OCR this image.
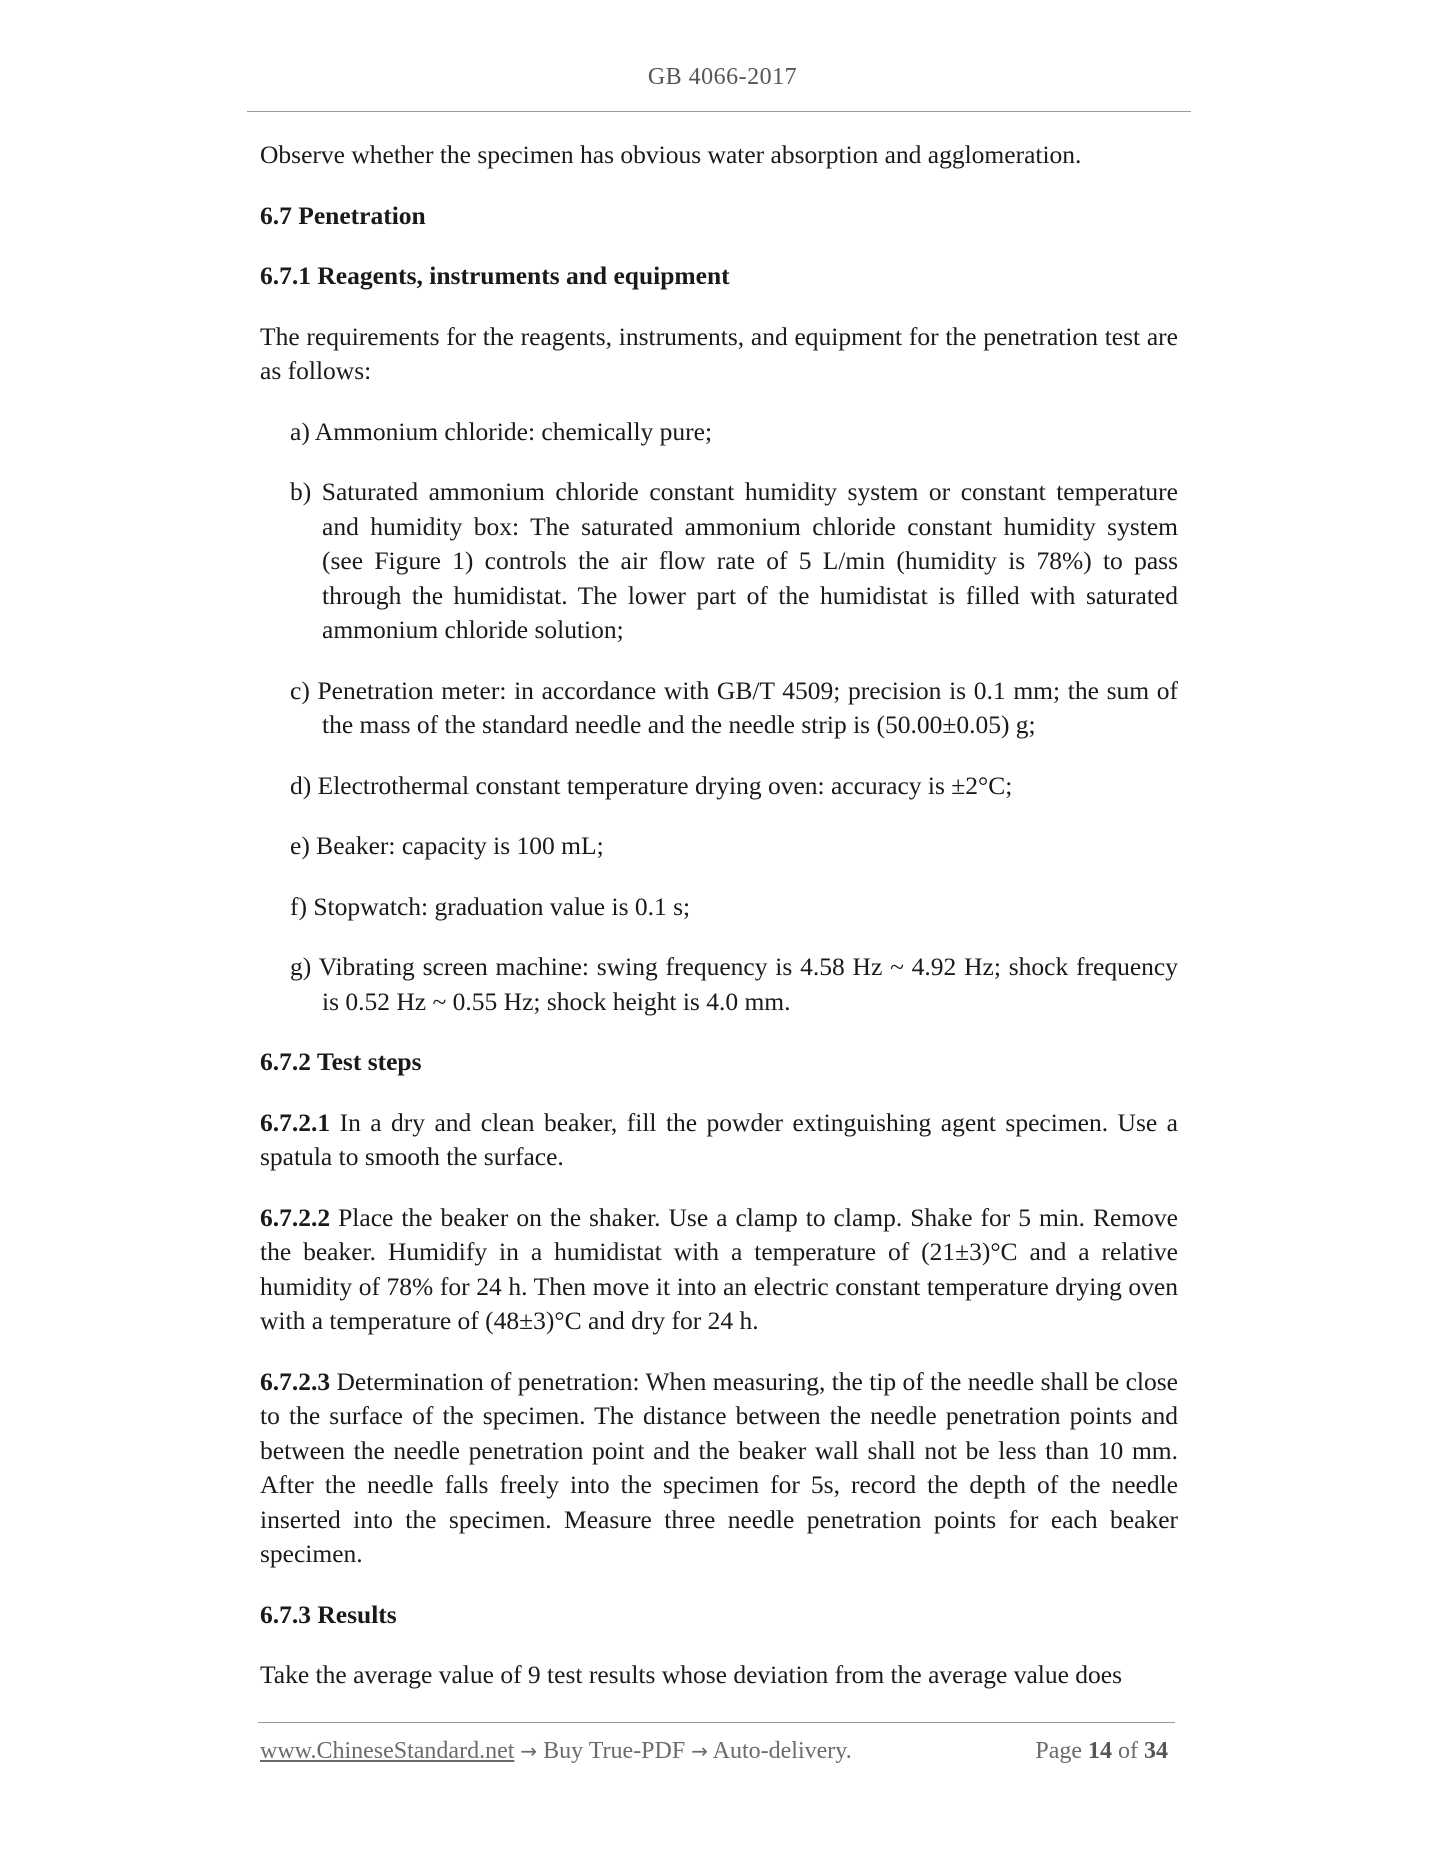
GB 4066-2017

Observe whether the specimen has obvious water absorption and agglomeration.

6.7 Penetration
6.7.1 Reagents, instruments and equipment

The requirements for the reagents, instruments, and equipment for the penetration test are as follows:

a) Ammonium chloride: chemically pure;
b) Saturated ammonium chloride constant humidity system or constant temperature and humidity box: The saturated ammonium chloride constant humidity system (see Figure 1) controls the air flow rate of 5 L/min (humidity is 78%) to pass through the humidistat. The lower part of the humidistat is filled with saturated ammonium chloride solution;
c) Penetration meter: in accordance with GB/T 4509; precision is 0.1 mm; the sum of the mass of the standard needle and the needle strip is (50.00±0.05) g;
d) Electrothermal constant temperature drying oven: accuracy is ±2°C;
e) Beaker: capacity is 100 mL;
f) Stopwatch: graduation value is 0.1 s;
g) Vibrating screen machine: swing frequency is 4.58 Hz ~ 4.92 Hz; shock frequency is 0.52 Hz ~ 0.55 Hz; shock height is 4.0 mm.
6.7.2 Test steps

6.7.2.1 In a dry and clean beaker, fill the powder extinguishing agent specimen. Use a spatula to smooth the surface.

6.7.2.2 Place the beaker on the shaker. Use a clamp to clamp. Shake for 5 min. Remove the beaker. Humidify in a humidistat with a temperature of (21±3)°C and a relative humidity of 78% for 24 h. Then move it into an electric constant temperature drying oven with a temperature of (48±3)°C and dry for 24 h.

6.7.2.3 Determination of penetration: When measuring, the tip of the needle shall be close to the surface of the specimen. The distance between the needle penetration points and between the needle penetration point and the beaker wall shall not be less than 10 mm. After the needle falls freely into the specimen for 5s, record the depth of the needle inserted into the specimen. Measure three needle penetration points for each beaker specimen.

6.7.3 Results

Take the average value of 9 test results whose deviation from the average value does

www.ChineseStandard.net → Buy True-PDF → Auto-delivery.	Page 14 of 34
